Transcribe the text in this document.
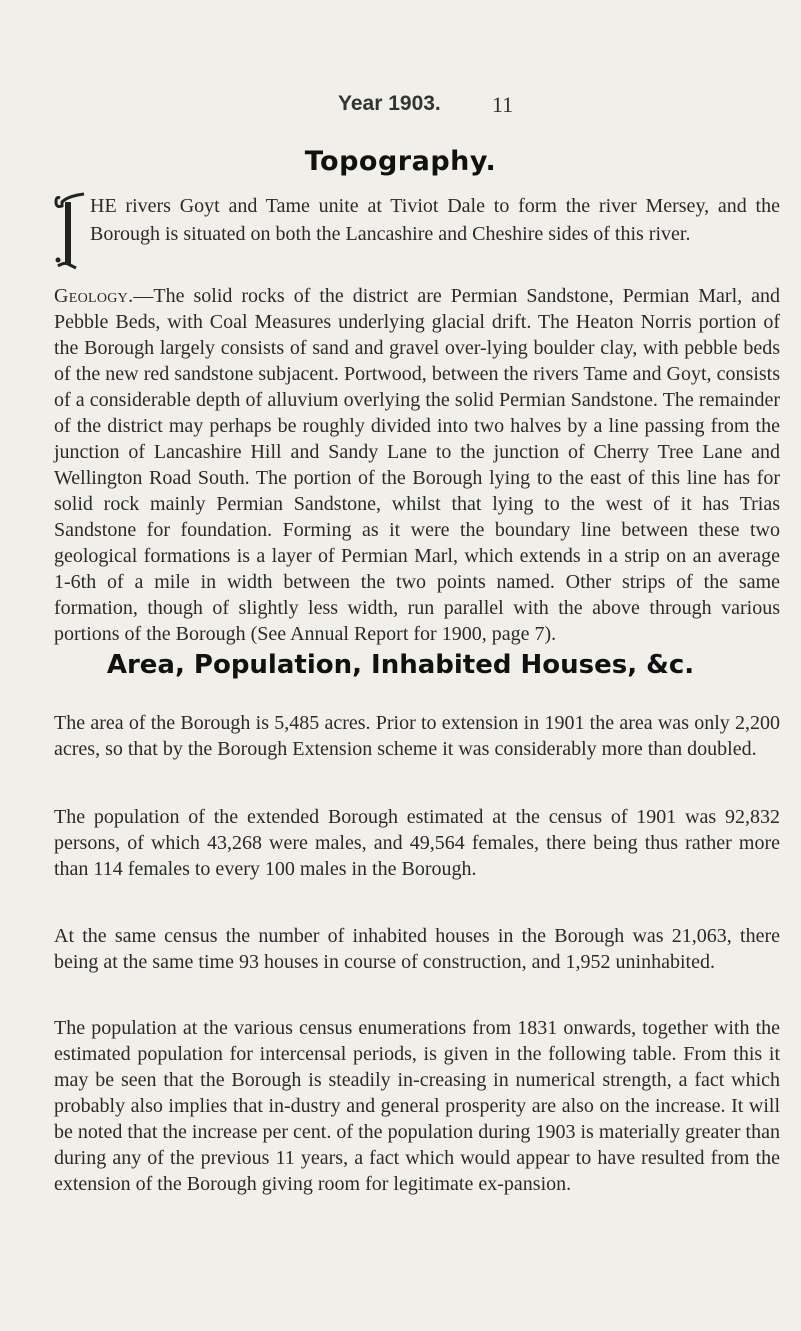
Year 1903. 11
Topography.
HE rivers Goyt and Tame unite at Tiviot Dale to form the river Mersey, and the Borough is situated on both the Lancashire and Cheshire sides of this river.
Geology.—The solid rocks of the district are Permian Sandstone, Permian Marl, and Pebble Beds, with Coal Measures underlying glacial drift. The Heaton Norris portion of the Borough largely consists of sand and gravel over-lying boulder clay, with pebble beds of the new red sandstone subjacent. Portwood, between the rivers Tame and Goyt, consists of a considerable depth of alluvium overlying the solid Permian Sandstone. The remainder of the district may perhaps be roughly divided into two halves by a line passing from the junction of Lancashire Hill and Sandy Lane to the junction of Cherry Tree Lane and Wellington Road South. The portion of the Borough lying to the east of this line has for solid rock mainly Permian Sandstone, whilst that lying to the west of it has Trias Sandstone for foundation. Forming as it were the boundary line between these two geological formations is a layer of Permian Marl, which extends in a strip on an average 1-6th of a mile in width between the two points named. Other strips of the same formation, though of slightly less width, run parallel with the above through various portions of the Borough (See Annual Report for 1900, page 7).
Area, Population, Inhabited Houses, &c.
The area of the Borough is 5,485 acres. Prior to extension in 1901 the area was only 2,200 acres, so that by the Borough Extension scheme it was considerably more than doubled.
The population of the extended Borough estimated at the census of 1901 was 92,832 persons, of which 43,268 were males, and 49,564 females, there being thus rather more than 114 females to every 100 males in the Borough.
At the same census the number of inhabited houses in the Borough was 21,063, there being at the same time 93 houses in course of construction, and 1,952 uninhabited.
The population at the various census enumerations from 1831 onwards, together with the estimated population for intercensal periods, is given in the following table. From this it may be seen that the Borough is steadily in-creasing in numerical strength, a fact which probably also implies that in-dustry and general prosperity are also on the increase. It will be noted that the increase per cent. of the population during 1903 is materially greater than during any of the previous 11 years, a fact which would appear to have resulted from the extension of the Borough giving room for legitimate ex-pansion.
